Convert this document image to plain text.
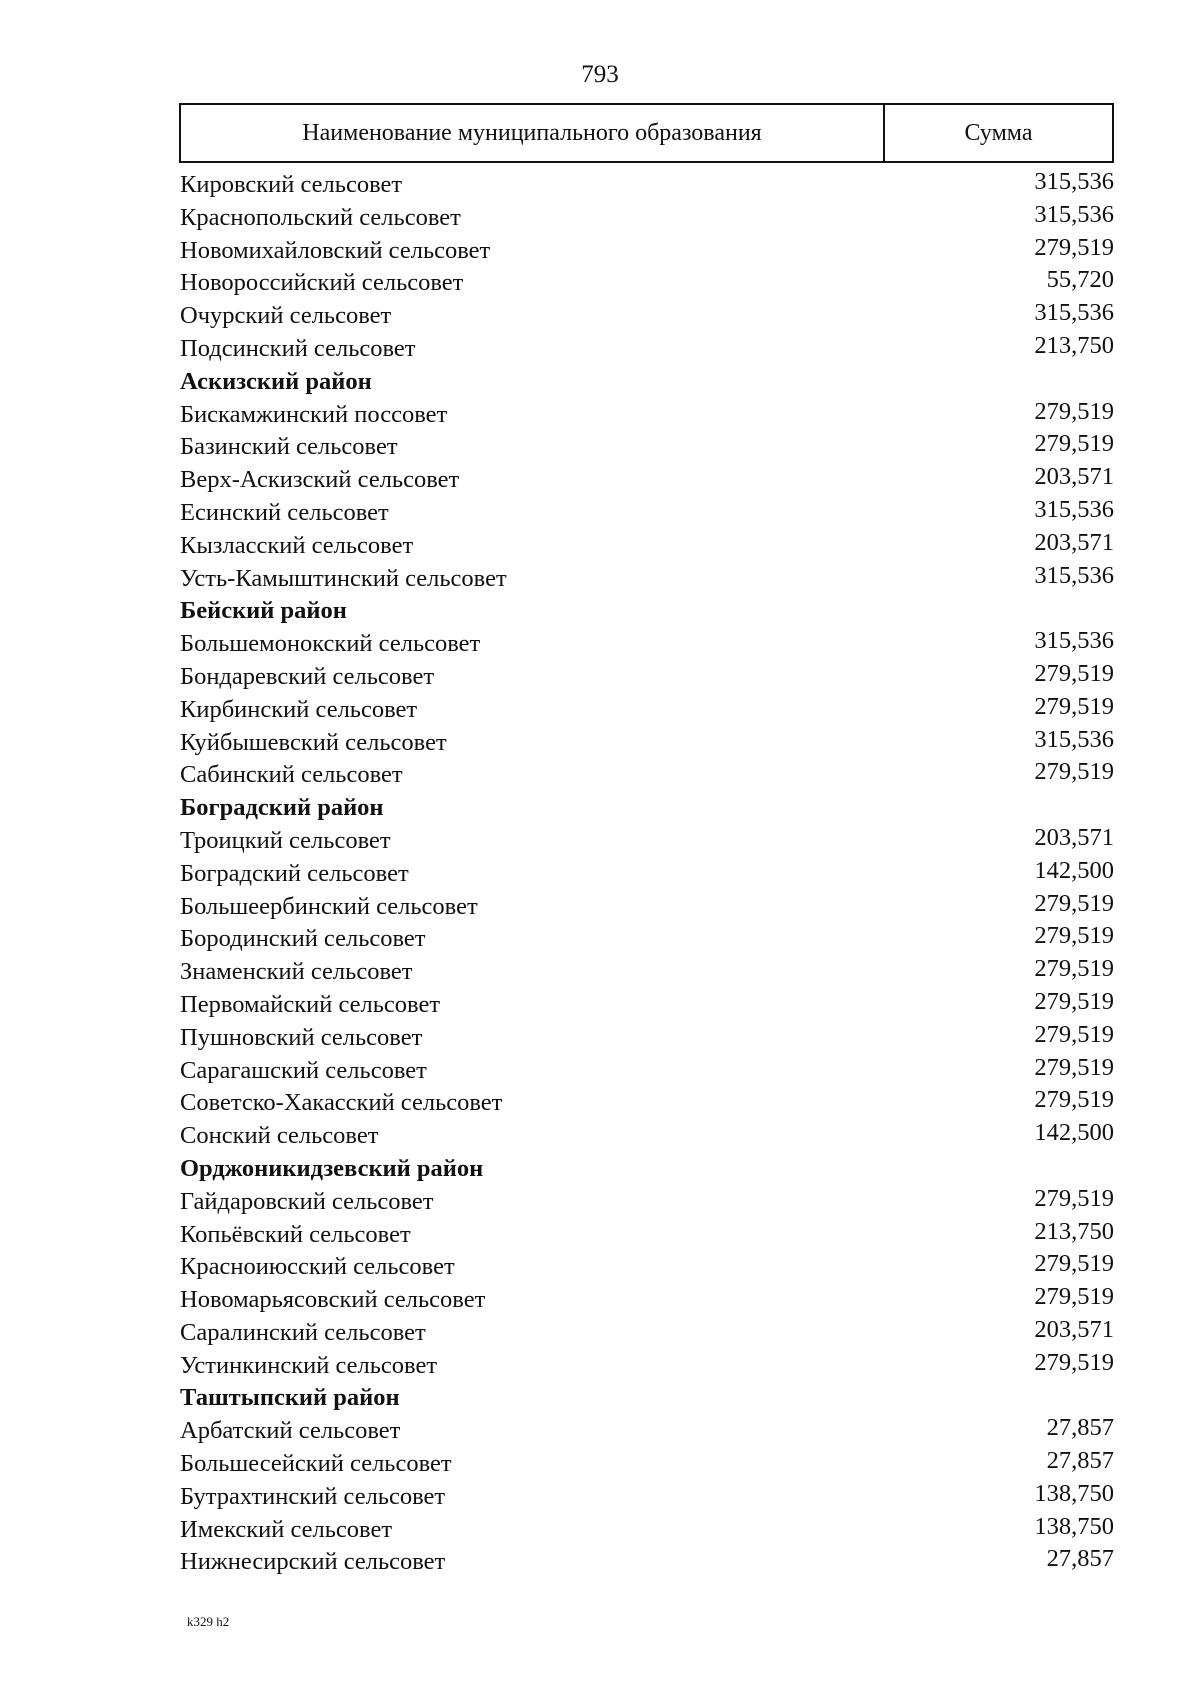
793
Наименование муниципального образования	Сумма
Кировский сельсовет	315,536
Краснопольский сельсовет	315,536
Новомихайловский сельсовет	279,519
Новороссийский сельсовет	55,720
Очурский сельсовет	315,536
Подсинский сельсовет	213,750
Аскизский район
Бискамжинский поссовет	279,519
Базинский сельсовет	279,519
Верх-Аскизский сельсовет	203,571
Есинский сельсовет	315,536
Кызласский сельсовет	203,571
Усть-Камыштинский сельсовет	315,536
Бейский район
Большемонокский сельсовет	315,536
Бондаревский сельсовет	279,519
Кирбинский сельсовет	279,519
Куйбышевский сельсовет	315,536
Сабинский сельсовет	279,519
Боградский район
Троицкий сельсовет	203,571
Боградский сельсовет	142,500
Большеербинский сельсовет	279,519
Бородинский сельсовет	279,519
Знаменский сельсовет	279,519
Первомайский сельсовет	279,519
Пушновский сельсовет	279,519
Сарагашский сельсовет	279,519
Советско-Хакасский сельсовет	279,519
Сонский сельсовет	142,500
Орджоникидзевский район
Гайдаровский сельсовет	279,519
Копьёвский сельсовет	213,750
Красноиюсский сельсовет	279,519
Новомарьясовский сельсовет	279,519
Саралинский сельсовет	203,571
Устинкинский сельсовет	279,519
Таштыпский район
Арбатский сельсовет	27,857
Большесейский сельсовет	27,857
Бутрахтинский сельсовет	138,750
Имекский сельсовет	138,750
Нижнесирский сельсовет	27,857
k329 h2
